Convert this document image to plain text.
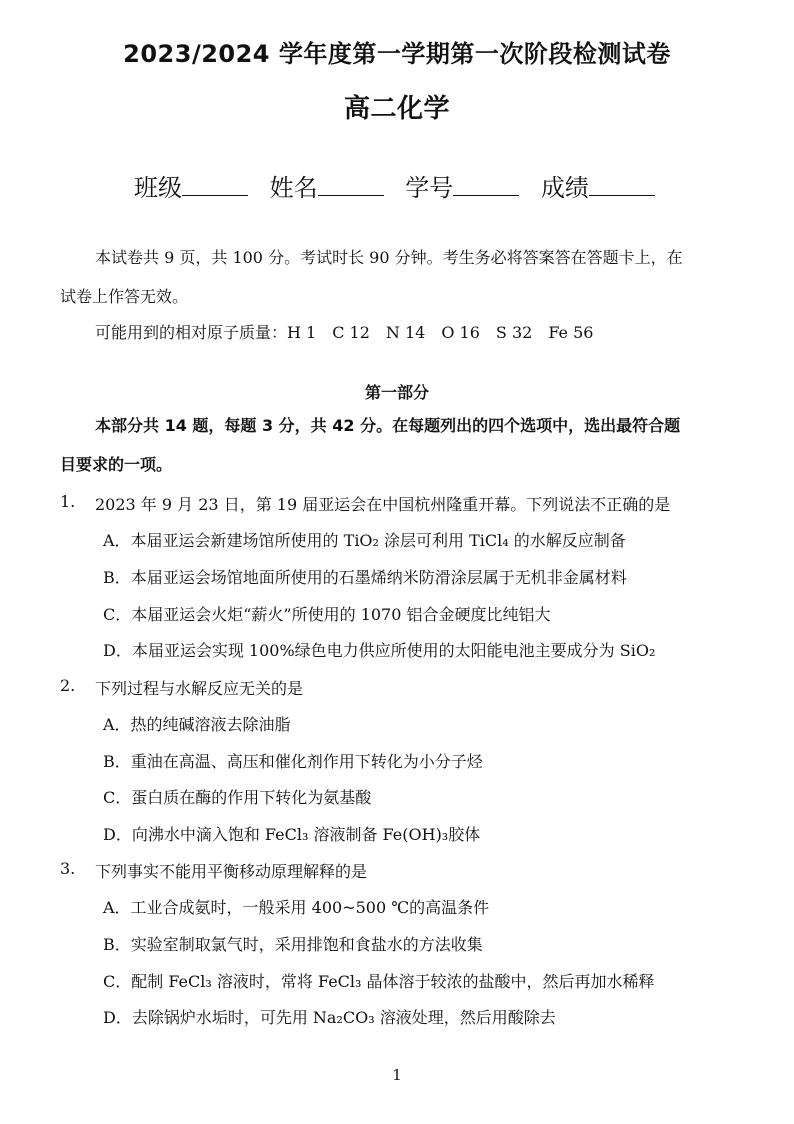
2023/2024 学年度第一学期第一次阶段检测试卷
高二化学
班级	姓名	学号	成绩
本试卷共 9 页，共 100 分。考试时长 90 分钟。考生务必将答案答在答题卡上，在
试卷上作答无效。
可能用到的相对原子质量：H 1　C 12　N 14　O 16　S 32　Fe 56
第一部分
本部分共 14 题，每题 3 分，共 42 分。在每题列出的四个选项中，选出最符合题
目要求的一项。
1. 2023 年 9 月 23 日，第 19 届亚运会在中国杭州隆重开幕。下列说法不正确的是
A．本届亚运会新建场馆所使用的 TiO₂ 涂层可利用 TiCl₄ 的水解反应制备
B．本届亚运会场馆地面所使用的石墨烯纳米防滑涂层属于无机非金属材料
C．本届亚运会火炬“薪火”所使用的 1070 铝合金硬度比纯铝大
D．本届亚运会实现 100%绿色电力供应所使用的太阳能电池主要成分为 SiO₂
2. 下列过程与水解反应无关的是
A．热的纯碱溶液去除油脂
B．重油在高温、高压和催化剂作用下转化为小分子烃
C．蛋白质在酶的作用下转化为氨基酸
D．向沸水中滴入饱和 FeCl₃ 溶液制备 Fe(OH)₃胶体
3. 下列事实不能用平衡移动原理解释的是
A．工业合成氨时，一般采用 400~500 ℃的高温条件
B．实验室制取氯气时，采用排饱和食盐水的方法收集
C．配制 FeCl₃ 溶液时，常将 FeCl₃ 晶体溶于较浓的盐酸中，然后再加水稀释
D．去除锅炉水垢时，可先用 Na₂CO₃ 溶液处理，然后用酸除去
1
